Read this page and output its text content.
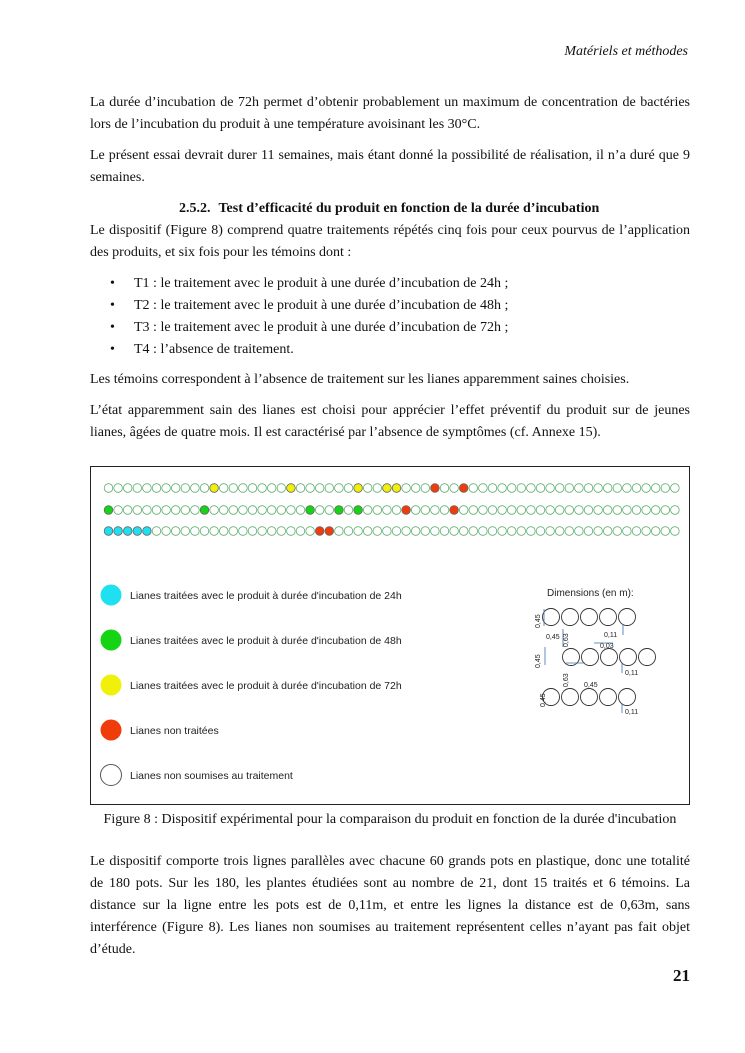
Matériels et méthodes

La durée d’incubation de 72h permet d’obtenir probablement un maximum de concentration de bactéries lors de l’incubation du produit à une température avoisinant les 30°C.

Le présent essai devrait durer 11 semaines, mais étant donné la possibilité de réalisation, il n’a duré que 9 semaines.

2.5.2. Test d’efficacité du produit en fonction de la durée d’incubation

Le dispositif (Figure 8) comprend quatre traitements répétés cinq fois pour ceux pourvus de l’application des produits, et six fois pour les témoins dont :

• T1 : le traitement avec le produit à une durée d’incubation de 24h ;
• T2 : le traitement avec le produit à une durée d’incubation de 48h ;
• T3 : le traitement avec le produit à une durée d’incubation de 72h ;
• T4 : l’absence de traitement.

Les témoins correspondent à l’absence de traitement sur les lianes apparemment saines choisies.

L’état apparemment sain des lianes est choisi pour apprécier l’effet préventif du produit sur de jeunes lianes, âgées de quatre mois. Il est caractérisé par l’absence de symptômes (cf. Annexe 15).

Lianes traitées avec le produit à durée d'incubation de 24h
Lianes traitées avec le produit à durée d'incubation de 48h
Lianes traitées avec le produit à durée d'incubation de 72h
Lianes non traitées
Lianes non soumises au traitement
Dimensions (en m):
0,45
0,45 0,63	0,11
0,03
0,45
0,11
0,63 0,45
0,45
0,11
Figure 8 : Dispositif expérimental pour la comparaison du produit en fonction de la durée d'incubation

Le dispositif comporte trois lignes parallèles avec chacune 60 grands pots en plastique, donc une totalité de 180 pots. Sur les 180, les plantes étudiées sont au nombre de 21, dont 15 traités et 6 témoins. La distance sur la ligne entre les pots est de 0,11m, et entre les lignes la distance est de 0,63m, sans interférence (Figure 8). Les lianes non soumises au traitement représentent celles n’ayant pas fait objet d’étude.

21
